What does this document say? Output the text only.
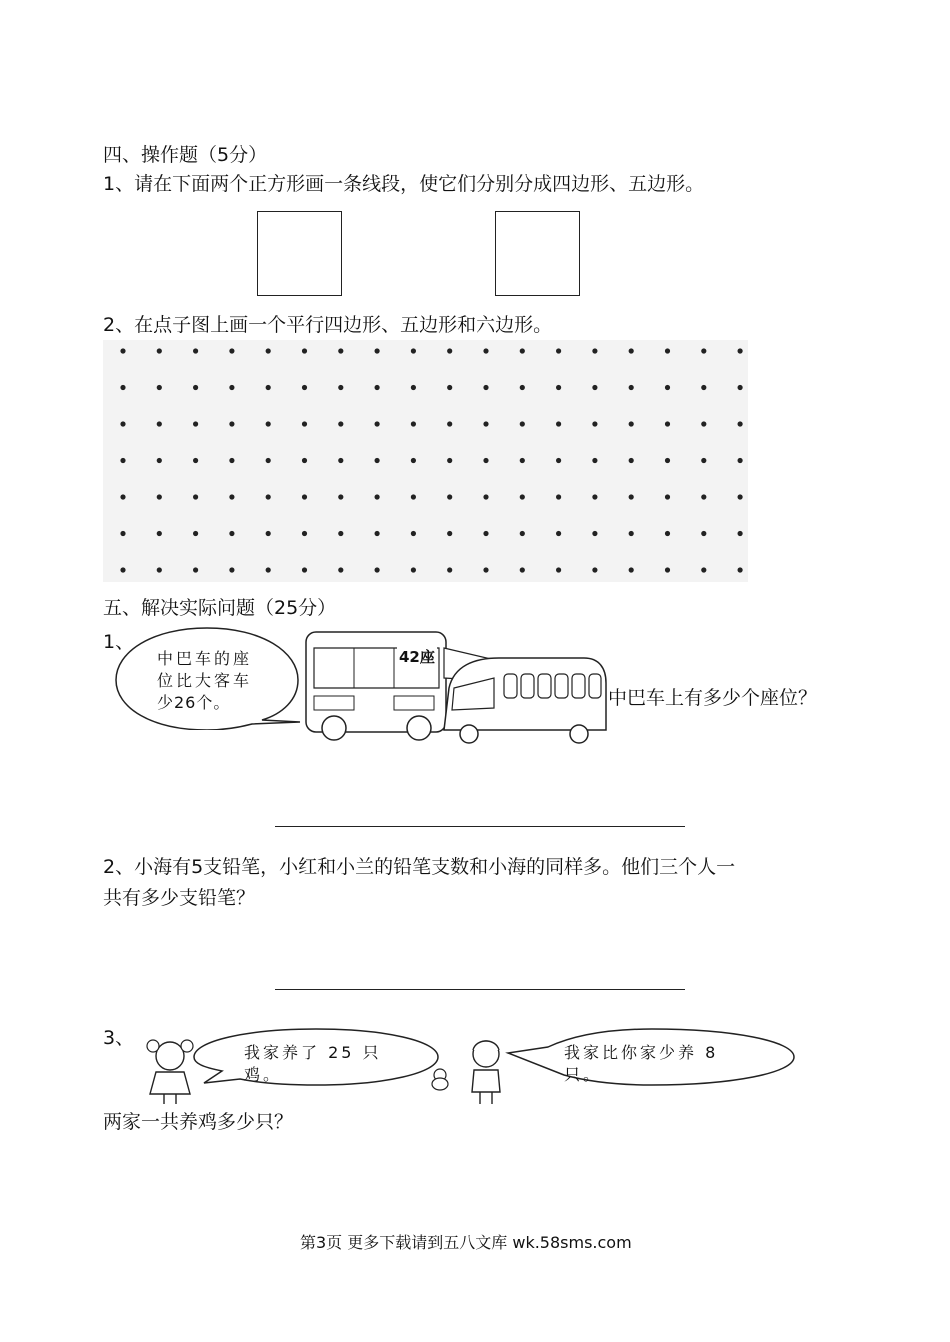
四、操作题（5分）
1、请在下面两个正方形画一条线段，使它们分别分成四边形、五边形。
2、在点子图上画一个平行四边形、五边形和六边形。
五、解决实际问题（25分）
1、
中巴车的座
位比大客车
少26个。
42座
中巴车上有多少个座位？
2、小海有5支铅笔，小红和小兰的铅笔支数和小海的同样多。他们三个人一
共有多少支铅笔？
3、
我家养了 25 只
鸡。
我家比你家少养 8
只。
两家一共养鸡多少只？
第3页 更多下载请到五八文库 wk.58sms.com
